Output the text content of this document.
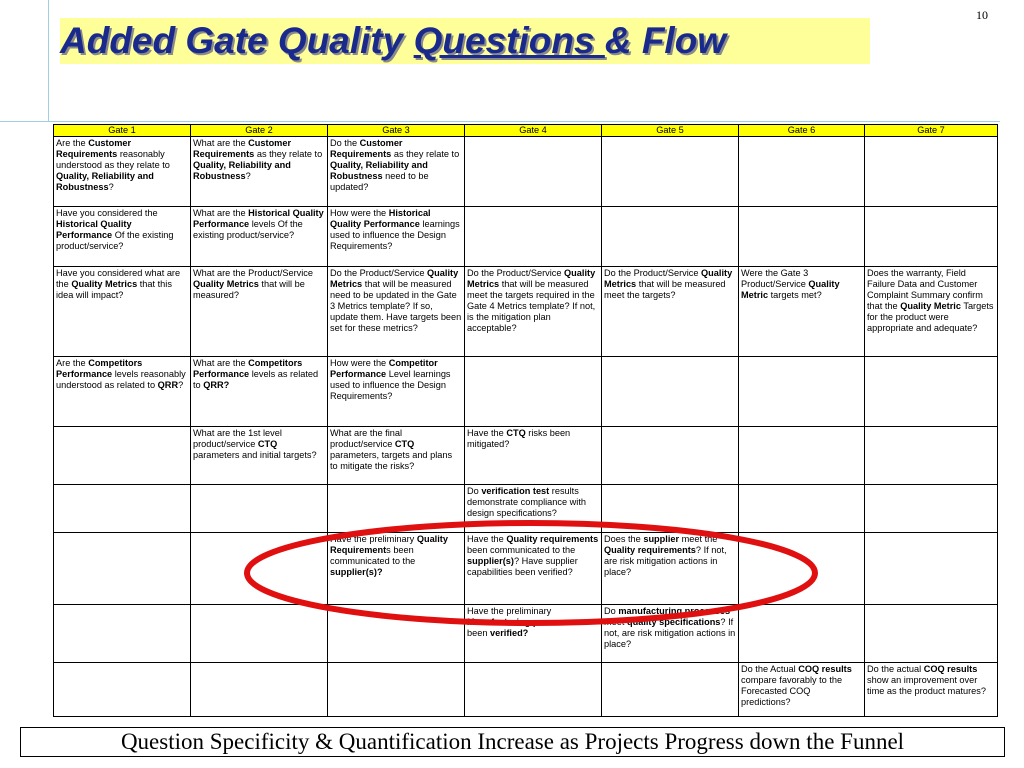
10
Added Gate Quality Questions & Flow
Gate 1	Gate 2	Gate 3	Gate 4	Gate 5	Gate 6	Gate 7
Are the Customer Requirements reasonably understood as they relate to Quality, Reliability and Robustness?	What are the Customer Requirements as they relate to Quality, Reliability and Robustness?	Do the Customer Requirements as they relate to Quality, Reliability and Robustness need to be updated?				
Have you considered the Historical Quality Performance Of the existing product/service?	What are the Historical Quality Performance levels Of the existing product/service?	How were the Historical Quality Performance learnings used to influence the Design Requirements?				
Have you considered what are the Quality Metrics that this idea will impact?	What are the Product/Service Quality Metrics that will be measured?	Do the Product/Service Quality Metrics that will be measured need to be updated in the Gate 3 Metrics template? If so, update them. Have targets been set for these metrics?	Do the Product/Service Quality Metrics that will be measured meet the targets required in the Gate 4 Metrics template? If not, is the mitigation plan acceptable?	Do the Product/Service Quality Metrics that will be measured meet the targets?	Were the Gate 3 Product/Service Quality Metric targets met?	Does the warranty, Field Failure Data and Customer Complaint Summary confirm that the Quality Metric Targets for the product were appropriate and adequate?
Are the Competitors Performance levels reasonably understood as related to QRR?	What are the Competitors Performance levels as related to QRR?	How were the Competitor Performance Level learnings used to influence the Design Requirements?				
	What are the 1st level product/service CTQ parameters and initial targets?	What are the final product/service CTQ parameters, targets and plans to mitigate the risks?	Have the CTQ risks been mitigated?			
			Do verification test results demonstrate compliance with design specifications?			
		Have the preliminary Quality Requirements been communicated to the supplier(s)?	Have the Quality requirements been communicated to the supplier(s)? Have supplier capabilities been verified?	Does the supplier meet the Quality requirements? If not, are risk mitigation actions in place?		
			Have the preliminary Manufacturing processes been verified?	Do manufacturing processes meet quality specifications? If not, are risk mitigation actions in place?		
					Do the Actual COQ results compare favorably to the Forecasted COQ predictions?	Do the actual COQ results show an improvement over time as the product matures?
Question Specificity & Quantification Increase as Projects Progress down the Funnel
